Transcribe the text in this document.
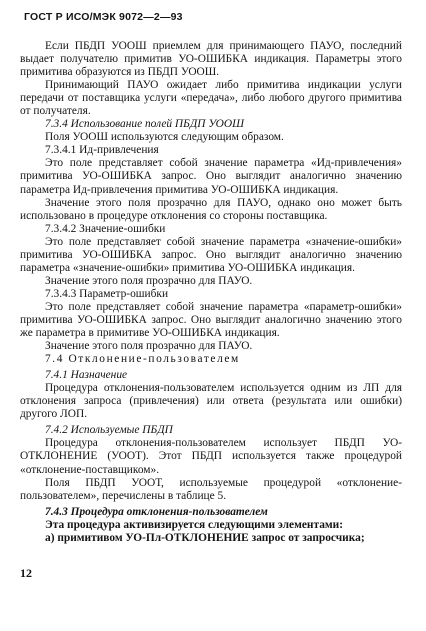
ГОСТ Р ИСО/МЭК 9072—2—93

Если ПБДП УООШ приемлем для принимающего ПАУО, последний выдает получателю примитив УО-ОШИБКА индикация. Параметры этого примитива образуются из ПБДП УООШ.

Принимающий ПАУО ожидает либо примитива индикации услуги передачи от поставщика услуги «передача», либо любого другого примитива от получателя.

7.3.4 Использование полей ПБДП УООШ

Поля УООШ используются следующим образом.

7.3.4.1 Ид-привлечения

Это поле представляет собой значение параметра «Ид-привлечения» примитива УО-ОШИБКА запрос. Оно выглядит аналогично значению параметра Ид-привлечения примитива УО-ОШИБКА индикация.

Значение этого поля прозрачно для ПАУО, однако оно может быть использовано в процедуре отклонения со стороны поставщика.

7.3.4.2 Значение-ошибки

Это поле представляет собой значение параметра «значение-ошибки» примитива УО-ОШИБКА запрос. Оно выглядит аналогично значению параметра «значение-ошибки» примитива УО-ОШИБКА индикация.

Значение этого поля прозрачно для ПАУО.

7.3.4.3 Параметр-ошибки

Это поле представляет собой значение параметра «параметр-ошибки» примитива УО-ОШИБКА запрос. Оно выглядит аналогично значению этого же параметра в примитиве УО-ОШИБКА индикация.

Значение этого поля прозрачно для ПАУО.

7.4 Отклонение-пользователем

7.4.1 Назначение

Процедура отклонения-пользователем используется одним из ЛП для отклонения запроса (привлечения) или ответа (результата или ошибки) другого ЛОП.

7.4.2 Используемые ПБДП

Процедура отклонения-пользователем использует ПБДП УО-ОТКЛОНЕНИЕ (УООТ). Этот ПБДП используется также процедурой «отклонение-поставщиком».

Поля ПБДП УООТ, используемые процедурой «отклонение-пользователем», перечислены в таблице 5.

7.4.3 Процедура отклонения-пользователем

Эта процедура активизируется следующими элементами:

а) примитивом УО-Пл-ОТКЛОНЕНИЕ запрос от запросчика;

12
